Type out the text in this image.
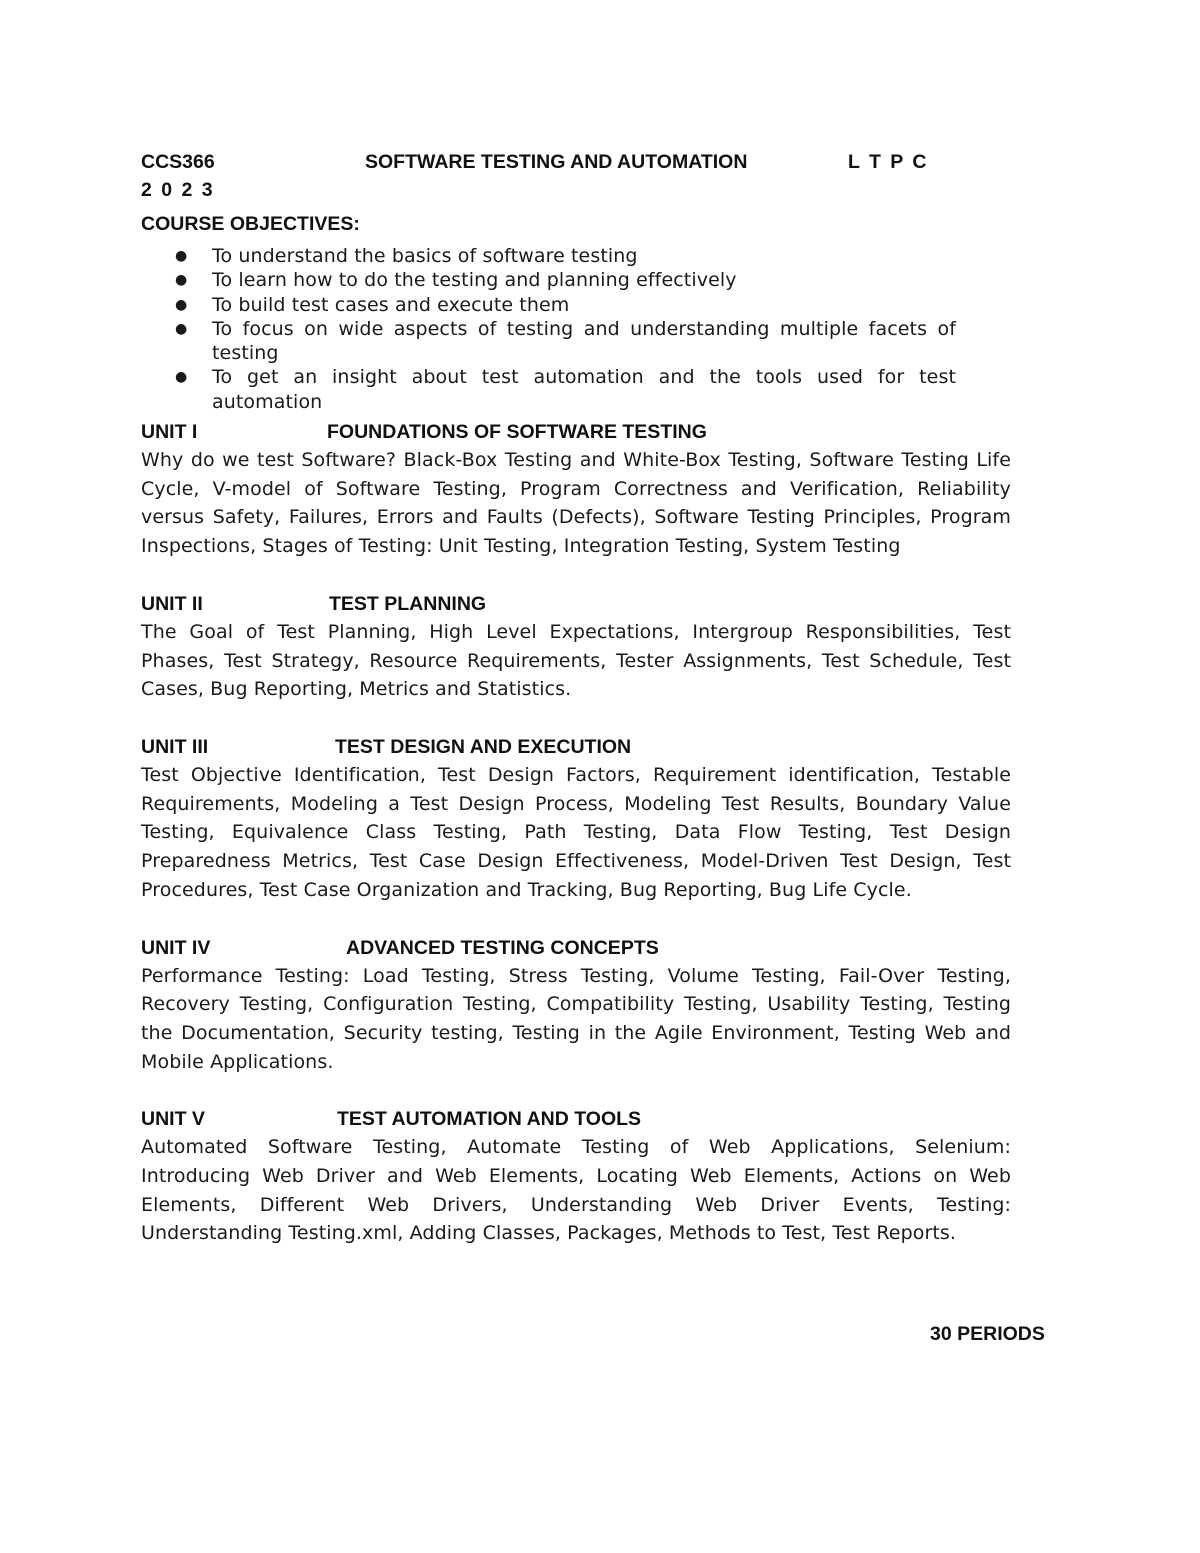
CCS366	SOFTWARE TESTING AND AUTOMATION	L T P C
2 0 2 3
COURSE OBJECTIVES:
● To understand the basics of software testing
● To learn how to do the testing and planning effectively
● To build test cases and execute them
● To focus on wide aspects of testing and understanding multiple facets of testing
● To get an insight about test automation and the tools used for test automation
UNIT I	FOUNDATIONS OF SOFTWARE TESTING

Why do we test Software? Black-Box Testing and White-Box Testing, Software Testing Life Cycle, V-model of Software Testing, Program Correctness and Verification, Reliability versus Safety, Failures, Errors and Faults (Defects), Software Testing Principles, Program Inspections, Stages of Testing: Unit Testing, Integration Testing, System Testing

UNIT II	TEST PLANNING

The Goal of Test Planning, High Level Expectations, Intergroup Responsibilities, Test Phases, Test Strategy, Resource Requirements, Tester Assignments, Test Schedule, Test Cases, Bug Reporting, Metrics and Statistics.

UNIT III	TEST DESIGN AND EXECUTION

Test Objective Identification, Test Design Factors, Requirement identification, Testable Requirements, Modeling a Test Design Process, Modeling Test Results, Boundary Value Testing, Equivalence Class Testing, Path Testing, Data Flow Testing, Test Design Preparedness Metrics, Test Case Design Effectiveness, Model-Driven Test Design, Test Procedures, Test Case Organization and Tracking, Bug Reporting, Bug Life Cycle.

UNIT IV	ADVANCED TESTING CONCEPTS

Performance Testing: Load Testing, Stress Testing, Volume Testing, Fail-Over Testing, Recovery Testing, Configuration Testing, Compatibility Testing, Usability Testing, Testing the Documentation, Security testing, Testing in the Agile Environment, Testing Web and Mobile Applications.

UNIT V	TEST AUTOMATION AND TOOLS

Automated Software Testing, Automate Testing of Web Applications, Selenium: Introducing Web Driver and Web Elements, Locating Web Elements, Actions on Web Elements, Different Web Drivers, Understanding Web Driver Events, Testing: Understanding Testing.xml, Adding Classes, Packages, Methods to Test, Test Reports.

30 PERIODS
